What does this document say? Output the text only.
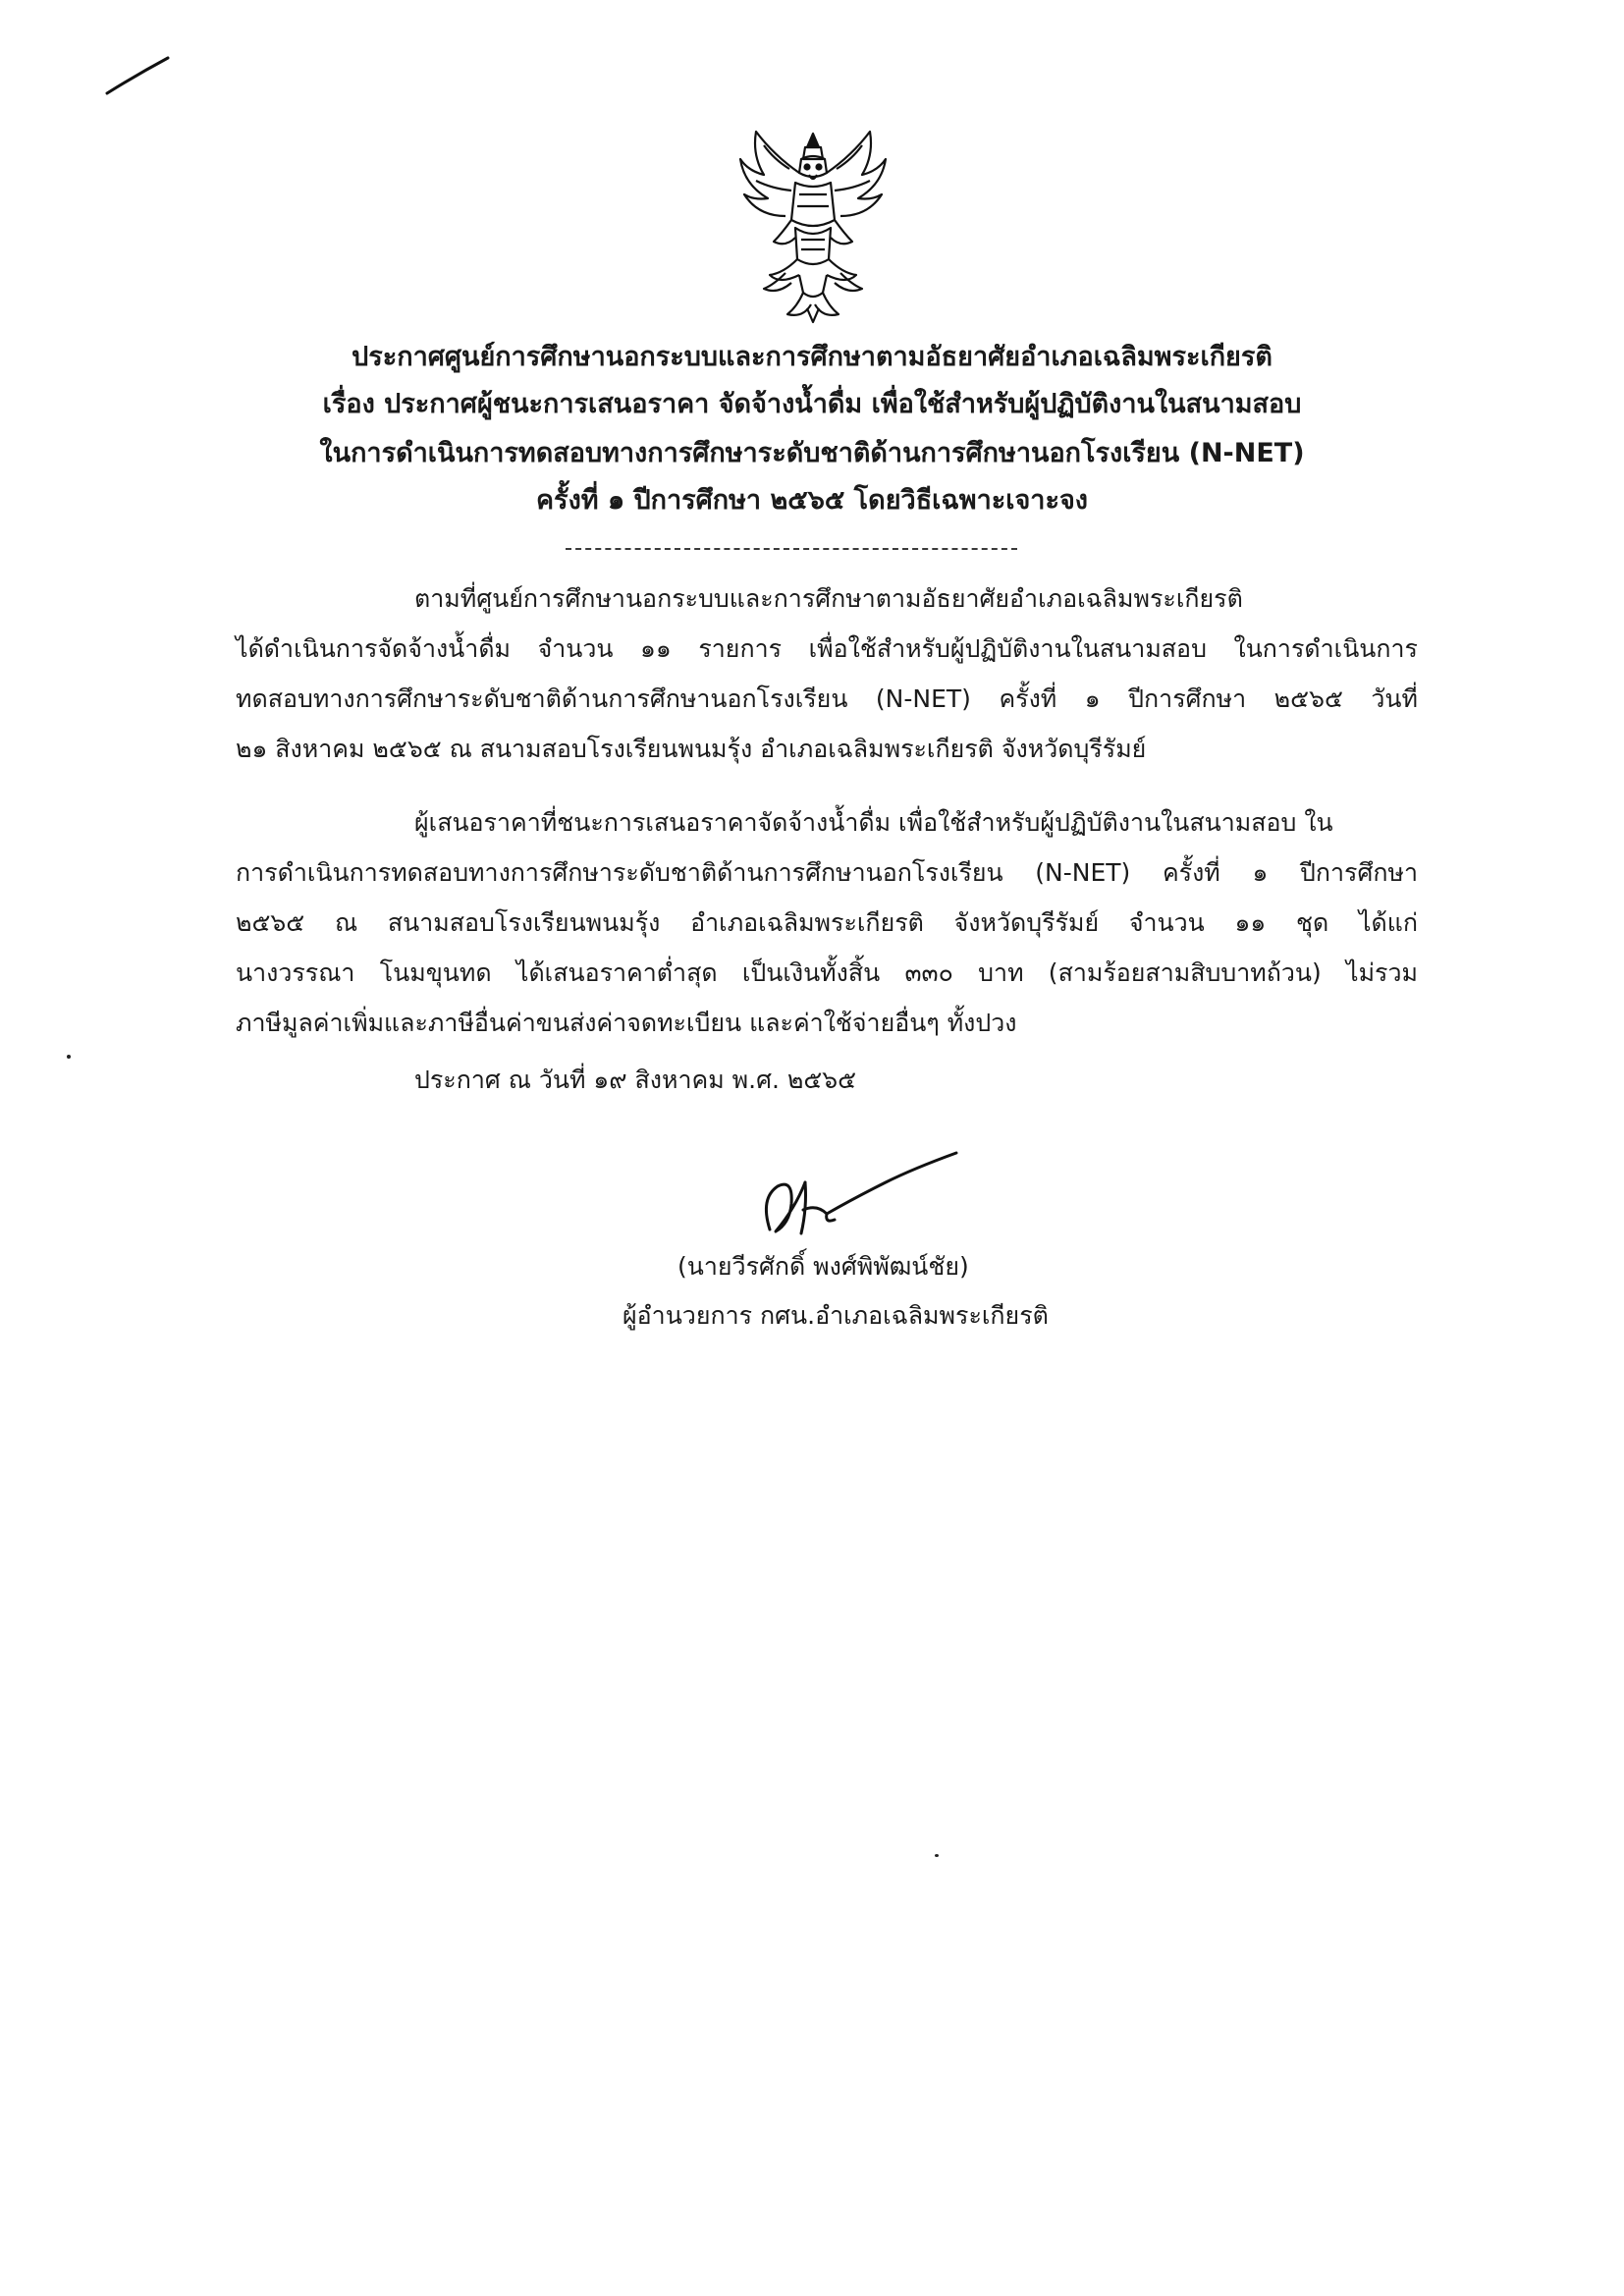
ประกาศศูนย์การศึกษานอกระบบและการศึกษาตามอัธยาศัยอำเภอเฉลิมพระเกียรติ
เรื่อง ประกาศผู้ชนะการเสนอราคา จัดจ้างน้ำดื่ม เพื่อใช้สำหรับผู้ปฏิบัติงานในสนามสอบ
ในการดำเนินการทดสอบทางการศึกษาระดับชาติด้านการศึกษานอกโรงเรียน (N-NET)
ครั้งที่ ๑ ปีการศึกษา ๒๕๖๕ โดยวิธีเฉพาะเจาะจง
ตามที่ศูนย์การศึกษานอกระบบและการศึกษาตามอัธยาศัยอำเภอเฉลิมพระเกียรติ
ได้ดำเนินการจัดจ้างน้ำดื่ม จำนวน ๑๑ รายการ เพื่อใช้สำหรับผู้ปฏิบัติงานในสนามสอบ ในการดำเนินการ
ทดสอบทางการศึกษาระดับชาติด้านการศึกษานอกโรงเรียน (N-NET) ครั้งที่ ๑ ปีการศึกษา ๒๕๖๕ วันที่
๒๑ สิงหาคม ๒๕๖๕ ณ สนามสอบโรงเรียนพนมรุ้ง อำเภอเฉลิมพระเกียรติ จังหวัดบุรีรัมย์
ผู้เสนอราคาที่ชนะการเสนอราคาจัดจ้างน้ำดื่ม เพื่อใช้สำหรับผู้ปฏิบัติงานในสนามสอบ ใน
การดำเนินการทดสอบทางการศึกษาระดับชาติด้านการศึกษานอกโรงเรียน (N-NET) ครั้งที่ ๑ ปีการศึกษา
๒๕๖๕ ณ สนามสอบโรงเรียนพนมรุ้ง อำเภอเฉลิมพระเกียรติ จังหวัดบุรีรัมย์ จำนวน ๑๑ ชุด ได้แก่
นางวรรณา โนมขุนทด ได้เสนอราคาต่ำสุด เป็นเงินทั้งสิ้น ๓๓๐ บาท (สามร้อยสามสิบบาทถ้วน) ไม่รวม
ภาษีมูลค่าเพิ่มและภาษีอื่นค่าขนส่งค่าจดทะเบียน และค่าใช้จ่ายอื่นๆ ทั้งปวง
ประกาศ ณ วันที่ ๑๙ สิงหาคม พ.ศ. ๒๕๖๕
(นายวีรศักดิ์ พงศ์พิพัฒน์ชัย)
ผู้อำนวยการ กศน.อำเภอเฉลิมพระเกียรติ
